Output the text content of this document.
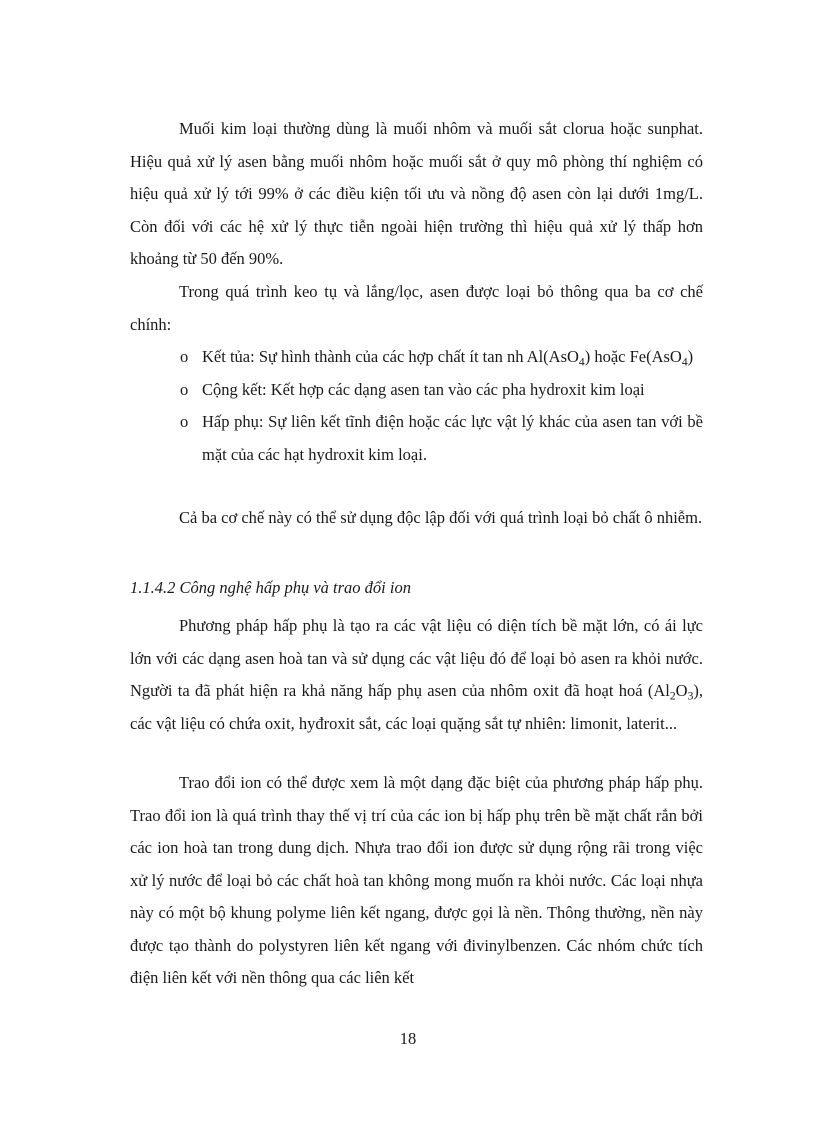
Muối kim loại thường dùng là muối nhôm và muối sắt clorua hoặc sunphat. Hiệu quả xử lý asen bằng muối nhôm hoặc muối sắt ở quy mô phòng thí nghiệm có hiệu quả xử lý tới 99% ở các điều kiện tối ưu và nồng độ asen còn lại dưới 1mg/L. Còn đối với các hệ xử lý thực tiễn ngoài hiện trường thì hiệu quả xử lý thấp hơn khoảng từ 50 đến 90%.

Trong quá trình keo tụ và lắng/lọc, asen được loại bỏ thông qua ba cơ chế chính:

o Kết tủa: Sự hình thành của các hợp chất ít tan nh Al(AsO$_4$) hoặc Fe(AsO$_4$)
o Cộng kết: Kết hợp các dạng asen tan vào các pha hydroxit kim loại
o Hấp phụ: Sự liên kết tĩnh điện hoặc các lực vật lý khác của asen tan với bề mặt của các hạt hydroxit kim loại.

Cả ba cơ chế này có thể sử dụng độc lập đối với quá trình loại bỏ chất ô nhiễm.

1.1.4.2 Công nghệ hấp phụ và trao đổi ion

Phương pháp hấp phụ là tạo ra các vật liệu có diện tích bề mặt lớn, có ái lực lớn với các dạng asen hoà tan và sử dụng các vật liệu đó để loại bỏ asen ra khỏi nước. Người ta đã phát hiện ra khả năng hấp phụ asen của nhôm oxit đã hoạt hoá $(Al_2O_3)$, các vật liệu có chứa oxit, hyđroxit sắt, các loại quặng sắt tự nhiên: limonit, laterit...

Trao đổi ion có thể được xem là một dạng đặc biệt của phương pháp hấp phụ. Trao đổi ion là quá trình thay thế vị trí của các ion bị hấp phụ trên bề mặt chất rắn bởi các ion hoà tan trong dung dịch. Nhựa trao đổi ion được sử dụng rộng rãi trong việc xử lý nước để loại bỏ các chất hoà tan không mong muốn ra khỏi nước. Các loại nhựa này có một bộ khung polyme liên kết ngang, được gọi là nền. Thông thường, nền này được tạo thành do polystyren liên kết ngang với đivinylbenzen. Các nhóm chức tích điện liên kết với nền thông qua các liên kết

18
